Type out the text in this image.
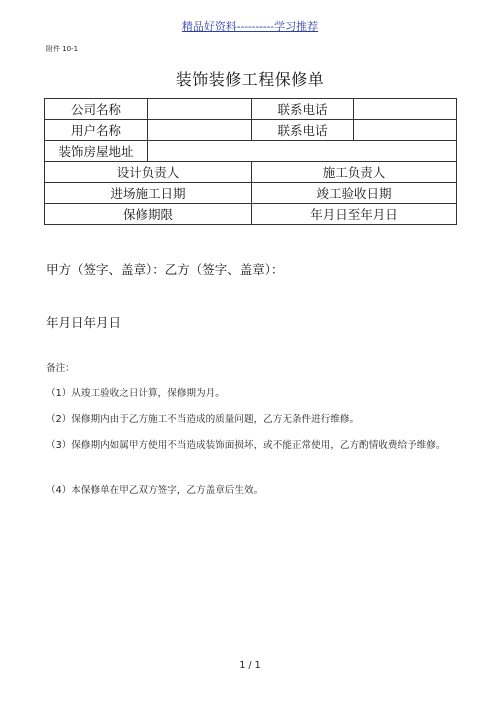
精品好资料----------学习推荐
附件 10-1
装饰装修工程保修单
公司名称		联系电话	
用户名称		联系电话	
装饰房屋地址			
设计负责人		施工负责人	
进场施工日期		竣工验收日期	
保修期限		年月日至年月日	
甲方（签字、盖章）：乙方（签字、盖章）：
年月日年月日
备注：
（1）从竣工验收之日计算，保修期为月。
（2）保修期内由于乙方施工不当造成的质量问题，乙方无条件进行维修。
（3）保修期内如属甲方使用不当造成装饰面损坏，或不能正常使用，乙方酌情收费给予维修。
（4）本保修单在甲乙双方签字，乙方盖章后生效。
1 / 1
